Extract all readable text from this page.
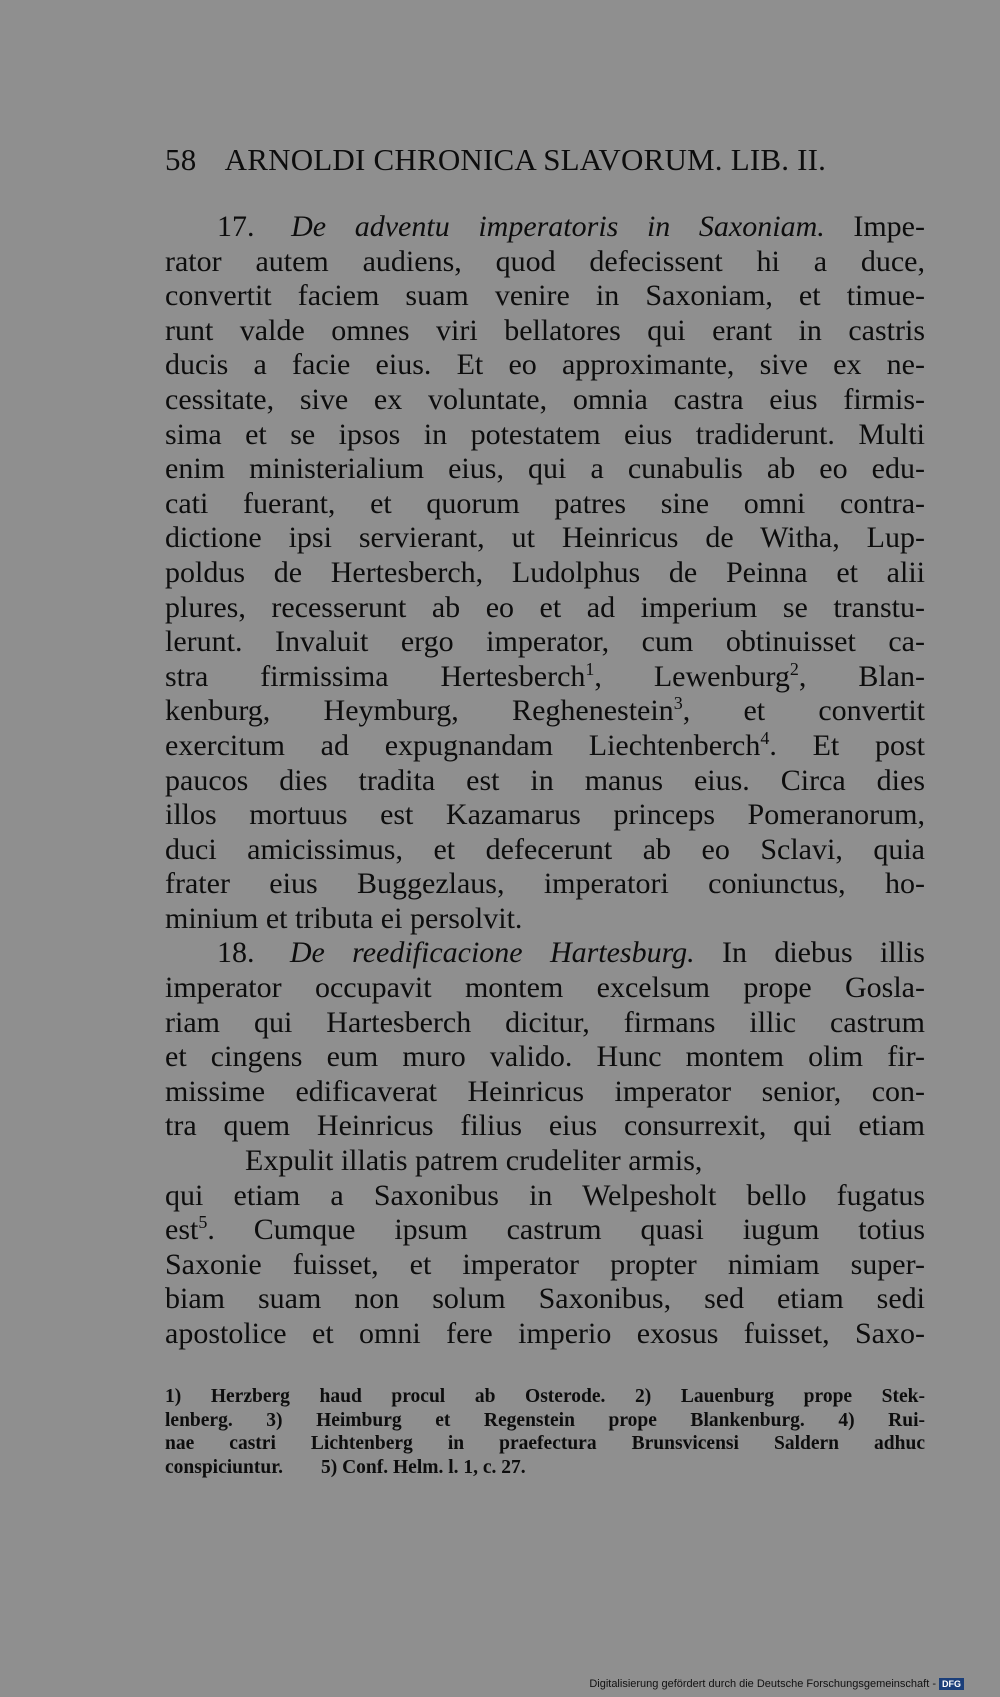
58 ARNOLDI CHRONICA SLAVORUM. LIB. II.
17. De adventu imperatoris in Saxoniam. Impe-
rator autem audiens, quod defecissent hi a duce,
convertit faciem suam venire in Saxoniam, et timue-
runt valde omnes viri bellatores qui erant in castris
ducis a facie eius. Et eo approximante, sive ex ne-
cessitate, sive ex voluntate, omnia castra eius firmis-
sima et se ipsos in potestatem eius tradiderunt. Multi
enim ministerialium eius, qui a cunabulis ab eo edu-
cati fuerant, et quorum patres sine omni contra-
dictione ipsi servierant, ut Heinricus de Witha, Lup-
poldus de Hertesberch, Ludolphus de Peinna et alii
plures, recesserunt ab eo et ad imperium se transtu-
lerunt. Invaluit ergo imperator, cum obtinuisset ca-
stra firmissima Hertesberch$^1$, Lewenburg$^2$, Blan-
kenburg, Heymburg, Reghenestein$^3$, et convertit
exercitum ad expugnandam Liechtenberch$^4$. Et post
paucos dies tradita est in manus eius. Circa dies
illos mortuus est Kazamarus princeps Pomeranorum,
duci amicissimus, et defecerunt ab eo Sclavi, quia
frater eius Buggezlaus, imperatori coniunctus, ho-
minium et tributa ei persolvit.
18. De reedificacione Hartesburg. In diebus illis
imperator occupavit montem excelsum prope Gosla-
riam qui Hartesberch dicitur, firmans illic castrum
et cingens eum muro valido. Hunc montem olim fir-
missime edificaverat Heinricus imperator senior, con-
tra quem Heinricus filius eius consurrexit, qui etiam
Expulit illatis patrem crudeliter armis,
qui etiam a Saxonibus in Welpesholt bello fugatus
est$^5$. Cumque ipsum castrum quasi iugum totius
Saxonie fuisset, et imperator propter nimiam super-
biam suam non solum Saxonibus, sed etiam sedi
apostolice et omni fere imperio exosus fuisset, Saxo-
1) Herzberg haud procul ab Osterode. 2) Lauenburg prope Stek-
lenberg. 3) Heimburg et Regenstein prope Blankenburg. 4) Rui-
nae castri Lichtenberg in praefectura Brunsvicensi Saldern adhuc
conspiciuntur. 5) Conf. Helm. l. 1, c. 27.
Digitalisierung gefördert durch die Deutsche Forschungsgemeinschaft - DFG
